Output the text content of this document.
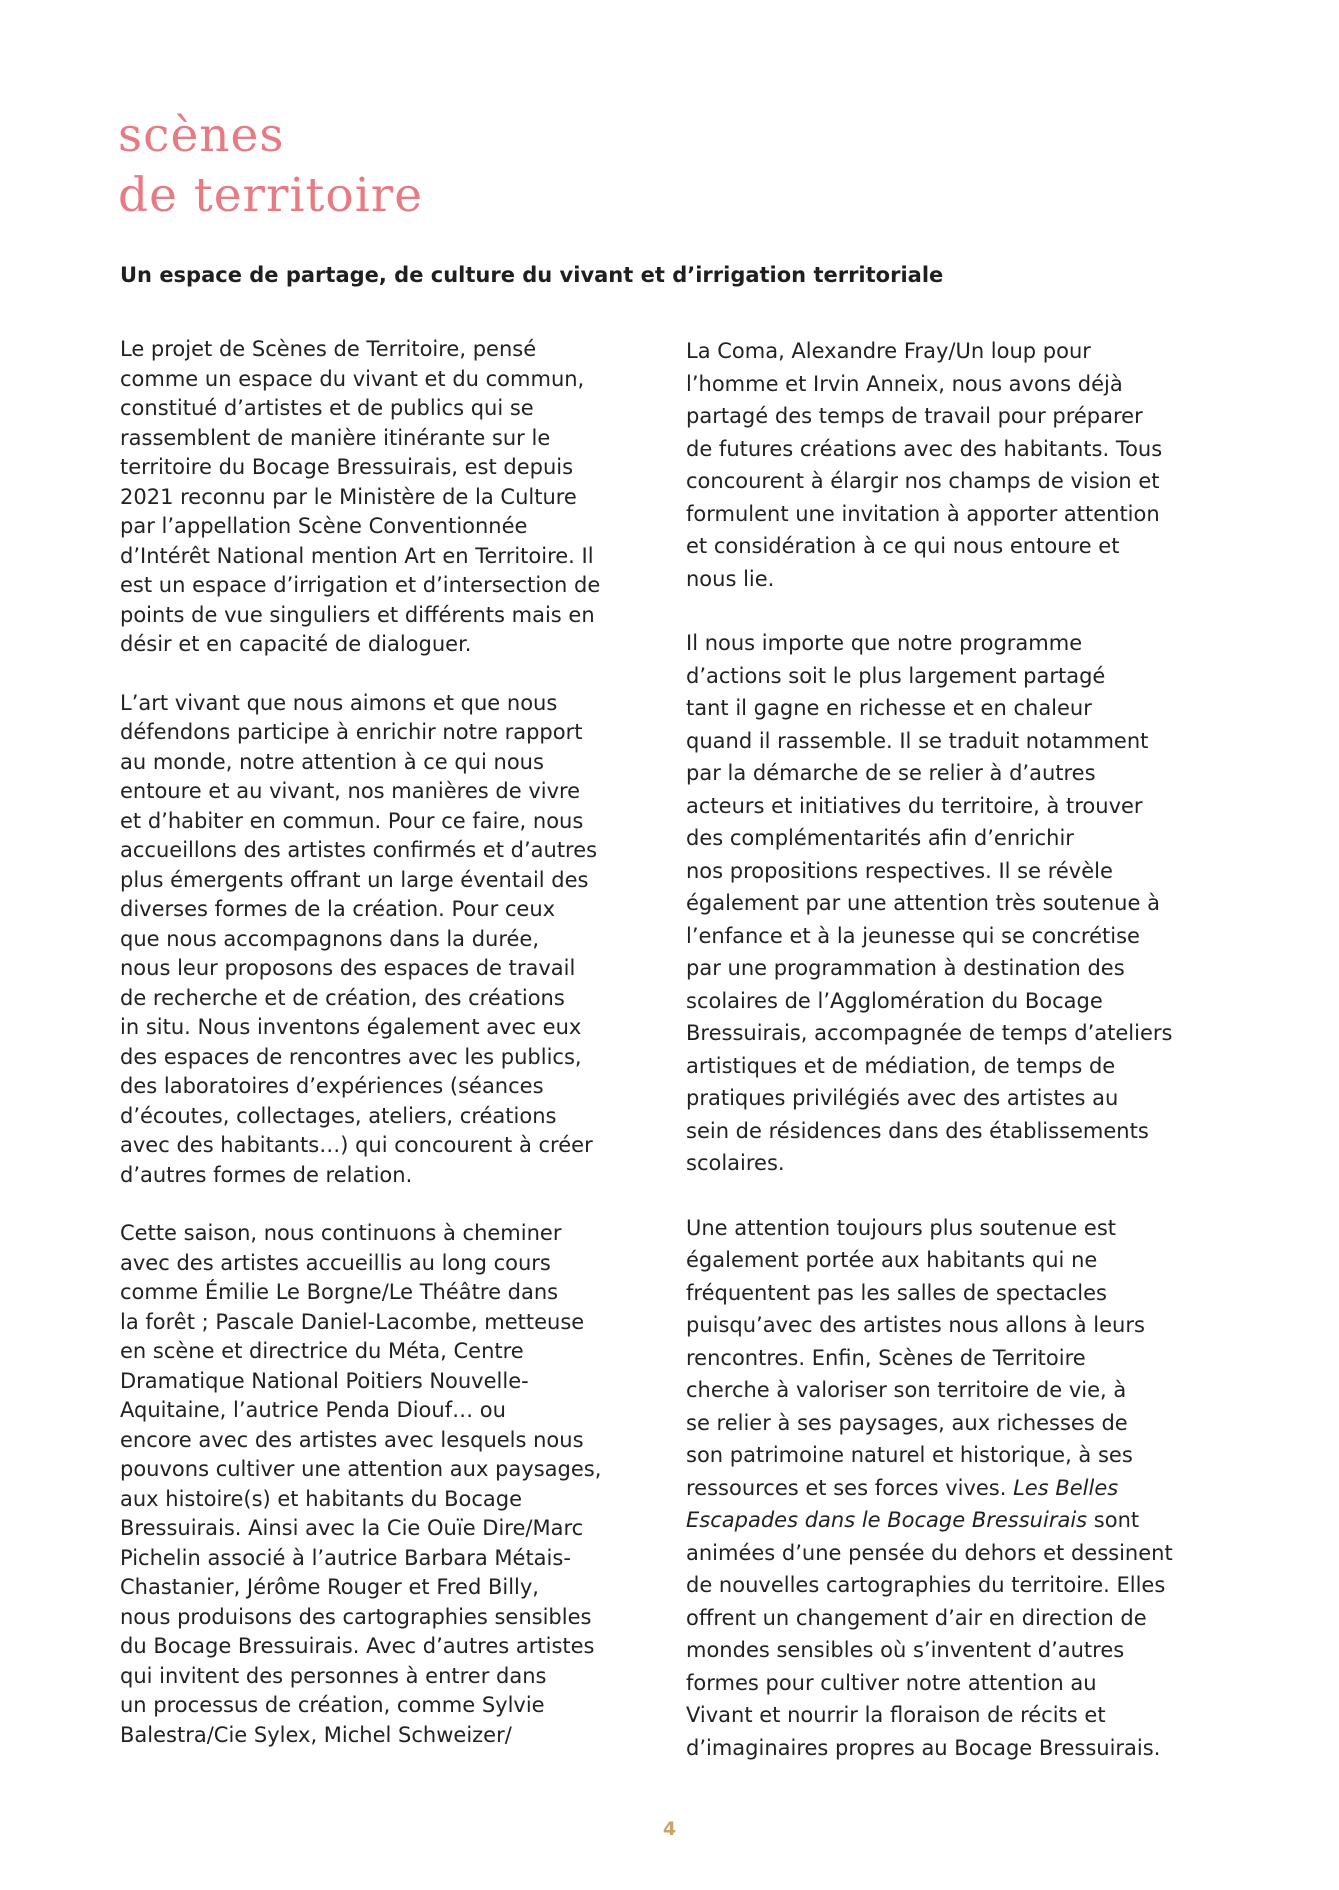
scènes
de territoire
Un espace de partage, de culture du vivant et d’irrigation territoriale

Le projet de Scènes de Territoire, pensé
comme un espace du vivant et du commun,
constitué d’artistes et de publics qui se
rassemblent de manière itinérante sur le
territoire du Bocage Bressuirais, est depuis
2021 reconnu par le Ministère de la Culture
par l’appellation Scène Conventionnée
d’Intérêt National mention Art en Territoire. Il
est un espace d’irrigation et d’intersection de
points de vue singuliers et différents mais en
désir et en capacité de dialoguer.

L’art vivant que nous aimons et que nous
défendons participe à enrichir notre rapport
au monde, notre attention à ce qui nous
entoure et au vivant, nos manières de vivre
et d’habiter en commun. Pour ce faire, nous
accueillons des artistes confirmés et d’autres
plus émergents offrant un large éventail des
diverses formes de la création. Pour ceux
que nous accompagnons dans la durée,
nous leur proposons des espaces de travail
de recherche et de création, des créations
in situ. Nous inventons également avec eux
des espaces de rencontres avec les publics,
des laboratoires d’expériences (séances
d’écoutes, collectages, ateliers, créations
avec des habitants…) qui concourent à créer
d’autres formes de relation.

Cette saison, nous continuons à cheminer
avec des artistes accueillis au long cours
comme Émilie Le Borgne/Le Théâtre dans
la forêt ; Pascale Daniel-Lacombe, metteuse
en scène et directrice du Méta, Centre
Dramatique National Poitiers Nouvelle-
Aquitaine, l’autrice Penda Diouf… ou
encore avec des artistes avec lesquels nous
pouvons cultiver une attention aux paysages,
aux histoire(s) et habitants du Bocage
Bressuirais. Ainsi avec la Cie Ouïe Dire/Marc
Pichelin associé à l’autrice Barbara Métais-
Chastanier, Jérôme Rouger et Fred Billy,
nous produisons des cartographies sensibles
du Bocage Bressuirais. Avec d’autres artistes
qui invitent des personnes à entrer dans
un processus de création, comme Sylvie
Balestra/Cie Sylex, Michel Schweizer/

La Coma, Alexandre Fray/Un loup pour
l’homme et Irvin Anneix, nous avons déjà
partagé des temps de travail pour préparer
de futures créations avec des habitants. Tous
concourent à élargir nos champs de vision et
formulent une invitation à apporter attention
et considération à ce qui nous entoure et
nous lie.

Il nous importe que notre programme
d’actions soit le plus largement partagé
tant il gagne en richesse et en chaleur
quand il rassemble. Il se traduit notamment
par la démarche de se relier à d’autres
acteurs et initiatives du territoire, à trouver
des complémentarités afin d’enrichir
nos propositions respectives. Il se révèle
également par une attention très soutenue à
l’enfance et à la jeunesse qui se concrétise
par une programmation à destination des
scolaires de l’Agglomération du Bocage
Bressuirais, accompagnée de temps d’ateliers
artistiques et de médiation, de temps de
pratiques privilégiés avec des artistes au
sein de résidences dans des établissements
scolaires.

Une attention toujours plus soutenue est
également portée aux habitants qui ne
fréquentent pas les salles de spectacles
puisqu’avec des artistes nous allons à leurs
rencontres. Enfin, Scènes de Territoire
cherche à valoriser son territoire de vie, à
se relier à ses paysages, aux richesses de
son patrimoine naturel et historique, à ses
ressources et ses forces vives. Les Belles
Escapades dans le Bocage Bressuirais sont
animées d’une pensée du dehors et dessinent
de nouvelles cartographies du territoire. Elles
offrent un changement d’air en direction de
mondes sensibles où s’inventent d’autres
formes pour cultiver notre attention au
Vivant et nourrir la floraison de récits et
d’imaginaires propres au Bocage Bressuirais.

4
